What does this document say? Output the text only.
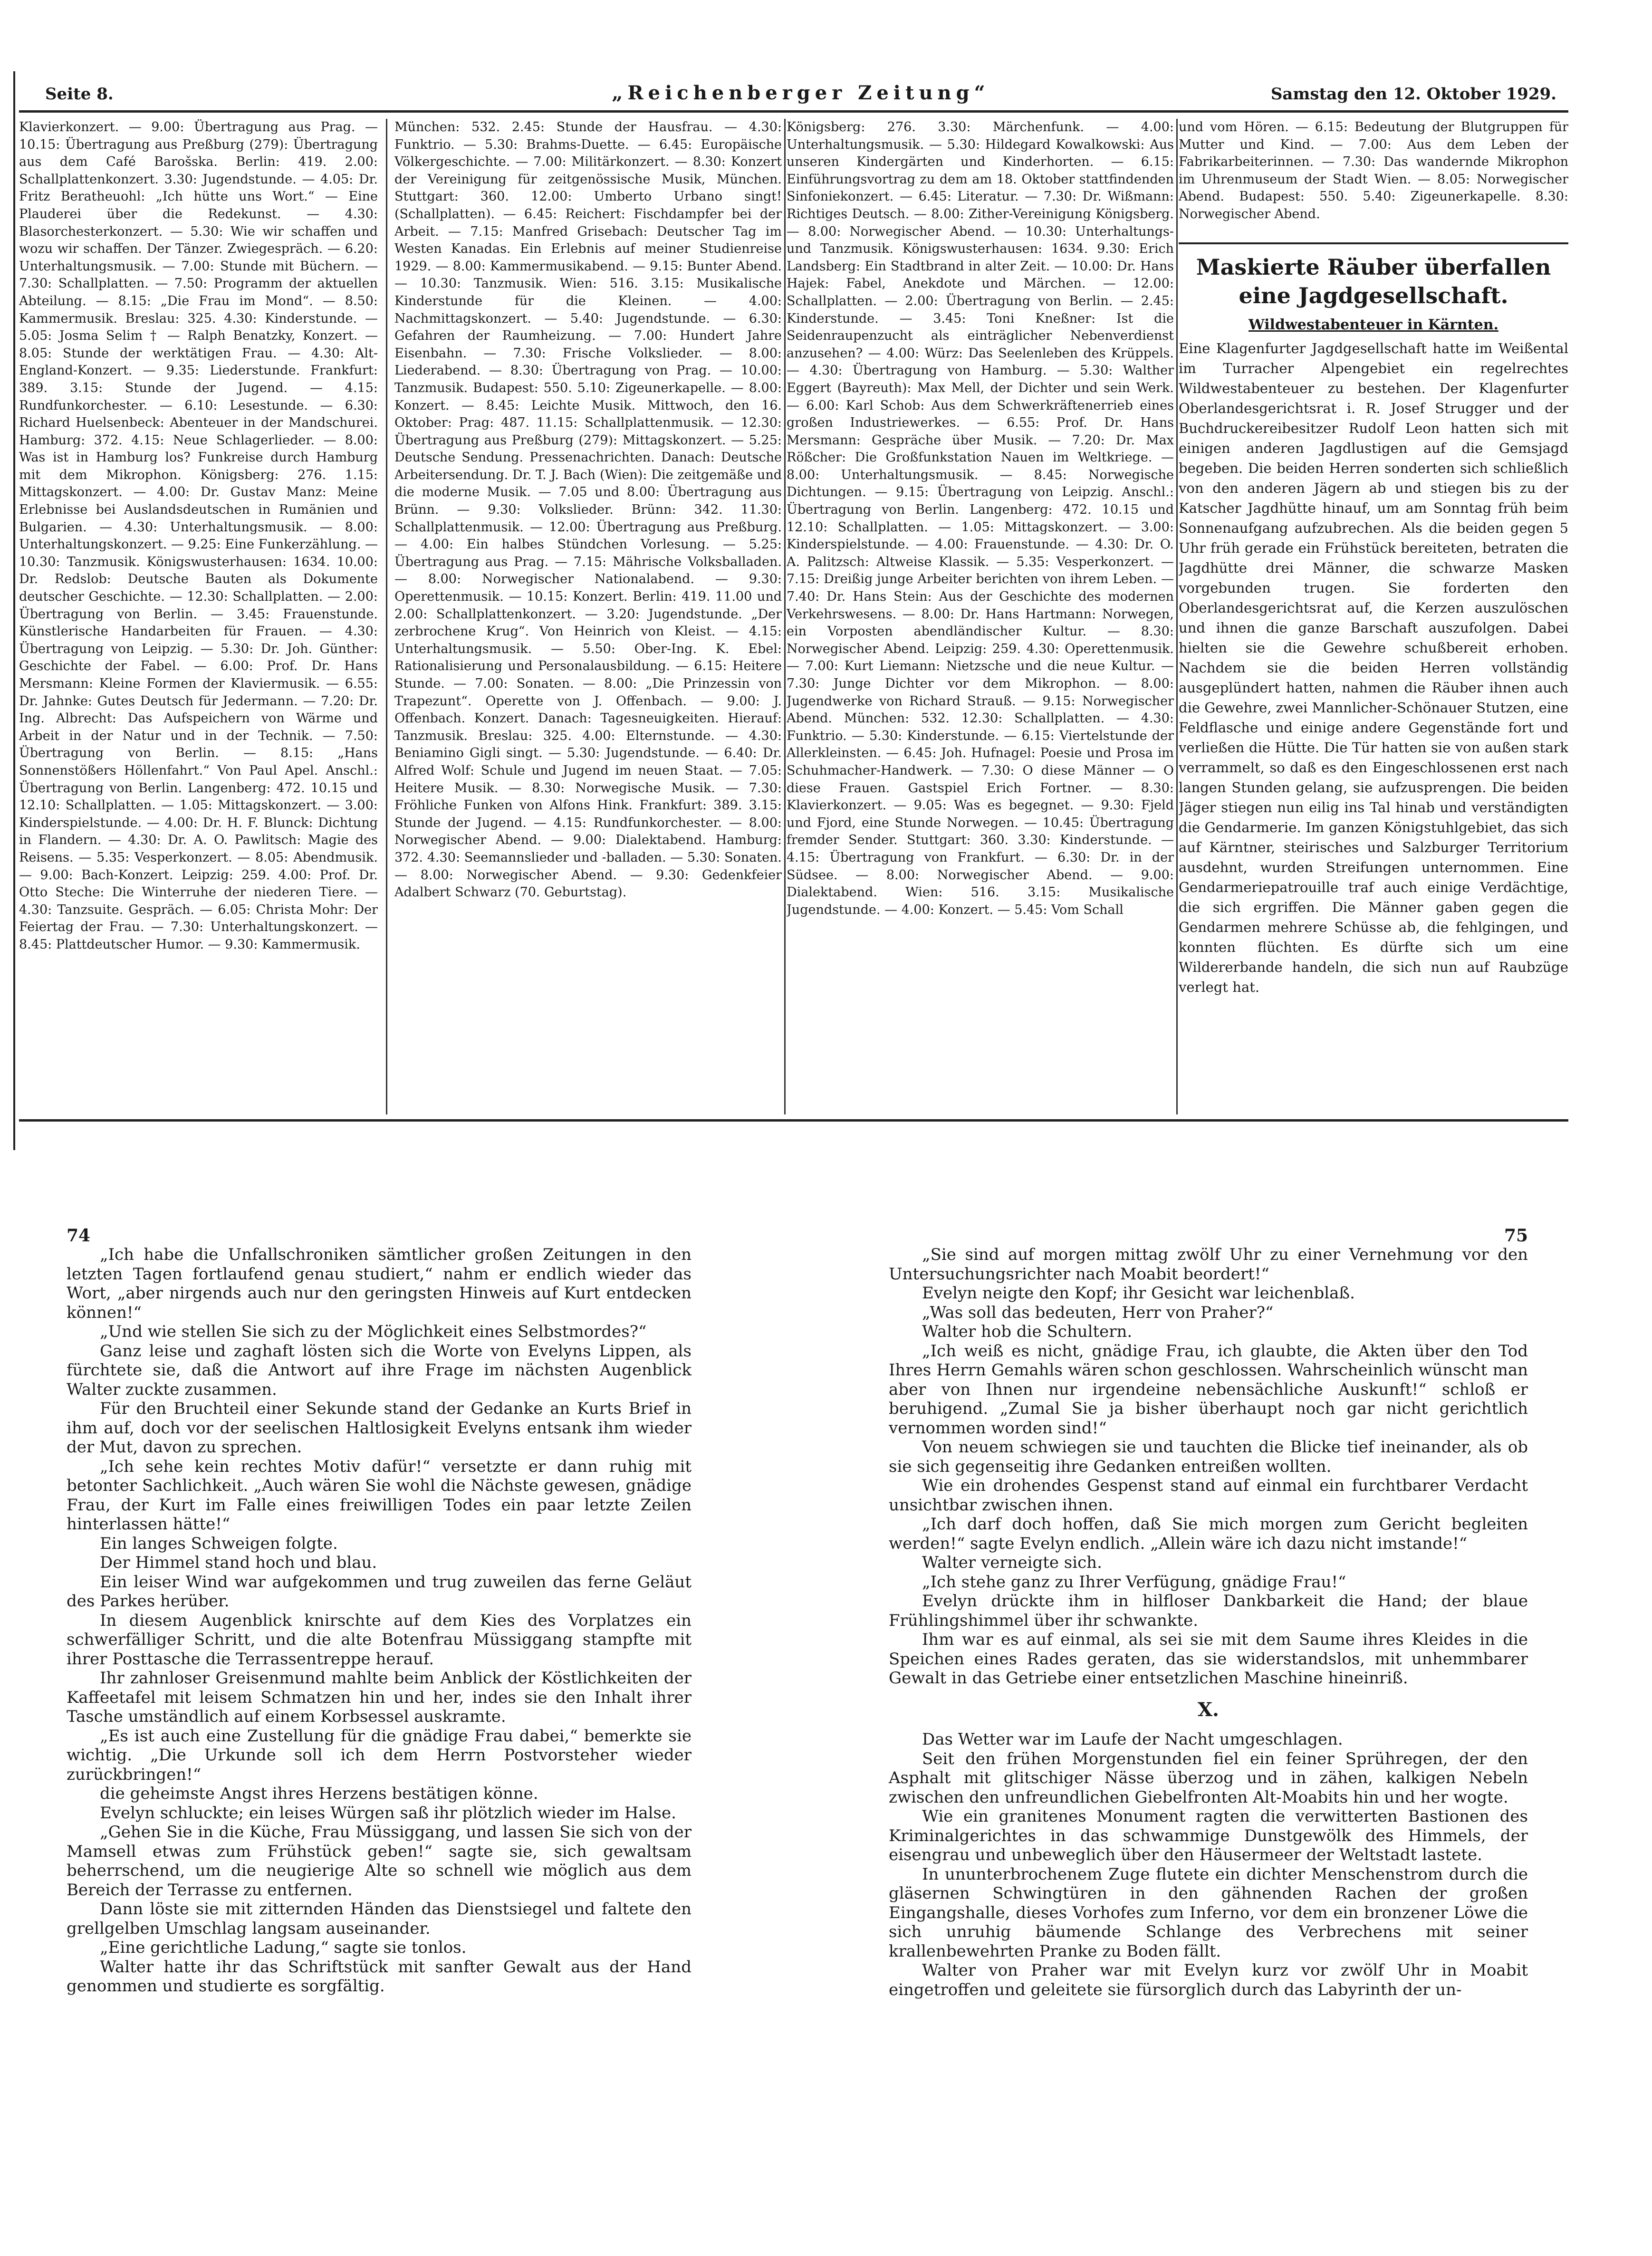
Seite 8.	„Reichenberger Zeitung“	Samstag den 12. Oktober 1929.

Klavierkonzert. — 9.00: Übertragung aus Prag. — 10.15: Übertragung aus Preßburg (279): Übertragung aus dem Café Barošska. Berlin: 419. 2.00: Schallplattenkonzert. 3.30: Jugendstunde. — 4.05: Dr. Fritz Beratheuohl: „Ich hütte uns Wort.“ — Eine Plauderei über die Redekunst. — 4.30: Blasorchesterkonzert. — 5.30: Wie wir schaffen und wozu wir schaffen. Der Tänzer. Zwiegespräch. — 6.20: Unterhaltungsmusik. — 7.00: Stunde mit Büchern. — 7.30: Schallplatten. — 7.50: Programm der aktuellen Abteilung. — 8.15: „Die Frau im Mond“. — 8.50: Kammermusik. Breslau: 325. 4.30: Kinderstunde. — 5.05: Josma Selim † — Ralph Benatzky, Konzert. — 8.05: Stunde der werktätigen Frau. — 4.30: Alt-England-Konzert. — 9.35: Liederstunde. Frankfurt: 389. 3.15: Stunde der Jugend. — 4.15: Rundfunkorchester. — 6.10: Lesestunde. — 6.30: Richard Huelsenbeck: Abenteuer in der Mandschurei. Hamburg: 372. 4.15: Neue Schlagerlieder. — 8.00: Was ist in Hamburg los? Funkreise durch Hamburg mit dem Mikrophon. Königsberg: 276. 1.15: Mittagskonzert. — 4.00: Dr. Gustav Manz: Meine Erlebnisse bei Auslandsdeutschen in Rumänien und Bulgarien. — 4.30: Unterhaltungsmusik. — 8.00: Unterhaltungskonzert. — 9.25: Eine Funkerzählung. — 10.30: Tanzmusik. Königswusterhausen: 1634. 10.00: Dr. Redslob: Deutsche Bauten als Dokumente deutscher Geschichte. — 12.30: Schallplatten. — 2.00: Übertragung von Berlin. — 3.45: Frauenstunde. Künstlerische Handarbeiten für Frauen. — 4.30: Übertragung von Leipzig. — 5.30: Dr. Joh. Günther: Geschichte der Fabel. — 6.00: Prof. Dr. Hans Mersmann: Kleine Formen der Klaviermusik. — 6.55: Dr. Jahnke: Gutes Deutsch für Jedermann. — 7.20: Dr. Ing. Albrecht: Das Aufspeichern von Wärme und Arbeit in der Natur und in der Technik. — 7.50: Übertragung von Berlin. — 8.15: „Hans Sonnenstößers Höllenfahrt.“ Von Paul Apel. Anschl.: Übertragung von Berlin. Langenberg: 472. 10.15 und 12.10: Schallplatten. — 1.05: Mittagskonzert. — 3.00: Kinderspielstunde. — 4.00: Dr. H. F. Blunck: Dichtung in Flandern. — 4.30: Dr. A. O. Pawlitsch: Magie des Reisens. — 5.35: Vesperkonzert. — 8.05: Abendmusik. — 9.00: Bach-Konzert. Leipzig: 259. 4.00: Prof. Dr. Otto Steche: Die Winterruhe der niederen Tiere. — 4.30: Tanzsuite. Gespräch. — 6.05: Christa Mohr: Der Feiertag der Frau. — 7.30: Unterhaltungskonzert. — 8.45: Plattdeutscher Humor. — 9.30: Kammermusik.

München: 532. 2.45: Stunde der Hausfrau. — 4.30: Funktrio. — 5.30: Brahms-Duette. — 6.45: Europäische Völkergeschichte. — 7.00: Militärkonzert. — 8.30: Konzert der Vereinigung für zeitgenössische Musik, München. Stuttgart: 360. 12.00: Umberto Urbano singt! (Schallplatten). — 6.45: Reichert: Fischdampfer bei der Arbeit. — 7.15: Manfred Grisebach: Deutscher Tag im Westen Kanadas. Ein Erlebnis auf meiner Studienreise 1929. — 8.00: Kammermusikabend. — 9.15: Bunter Abend. — 10.30: Tanzmusik. Wien: 516. 3.15: Musikalische Kinderstunde für die Kleinen. — 4.00: Nachmittagskonzert. — 5.40: Jugendstunde. — 6.30: Gefahren der Raumheizung. — 7.00: Hundert Jahre Eisenbahn. — 7.30: Frische Volkslieder. — 8.00: Liederabend. — 8.30: Übertragung von Prag. — 10.00: Tanzmusik. Budapest: 550. 5.10: Zigeunerkapelle. — 8.00: Konzert. — 8.45: Leichte Musik. Mittwoch, den 16. Oktober: Prag: 487. 11.15: Schallplattenmusik. — 12.30: Übertragung aus Preßburg (279): Mittagskonzert. — 5.25: Deutsche Sendung. Pressenachrichten. Danach: Deutsche Arbeitersendung. Dr. T. J. Bach (Wien): Die zeitgemäße und die moderne Musik. — 7.05 und 8.00: Übertragung aus Brünn. — 9.30: Volkslieder. Brünn: 342. 11.30: Schallplattenmusik. — 12.00: Übertragung aus Preßburg. — 4.00: Ein halbes Stündchen Vorlesung. — 5.25: Übertragung aus Prag. — 7.15: Mährische Volksballaden. — 8.00: Norwegischer Nationalabend. — 9.30: Operettenmusik. — 10.15: Konzert. Berlin: 419. 11.00 und 2.00: Schallplattenkonzert. — 3.20: Jugendstunde. „Der zerbrochene Krug“. Von Heinrich von Kleist. — 4.15: Unterhaltungsmusik. — 5.50: Ober-Ing. K. Ebel: Rationalisierung und Personalausbildung. — 6.15: Heitere Stunde. — 7.00: Sonaten. — 8.00: „Die Prinzessin von Trapezunt“. Operette von J. Offenbach. — 9.00: J. Offenbach. Konzert. Danach: Tagesneuigkeiten. Hierauf: Tanzmusik. Breslau: 325. 4.00: Elternstunde. — 4.30: Beniamino Gigli singt. — 5.30: Jugendstunde. — 6.40: Dr. Alfred Wolf: Schule und Jugend im neuen Staat. — 7.05: Heitere Musik. — 8.30: Norwegische Musik. — 7.30: Fröhliche Funken von Alfons Hink. Frankfurt: 389. 3.15: Stunde der Jugend. — 4.15: Rundfunkorchester. — 8.00: Norwegischer Abend. — 9.00: Dialektabend. Hamburg: 372. 4.30: Seemannslieder und -balladen. — 5.30: Sonaten. — 8.00: Norwegischer Abend. — 9.30: Gedenkfeier Adalbert Schwarz (70. Geburtstag).

Königsberg: 276. 3.30: Märchenfunk. — 4.00: Unterhaltungsmusik. — 5.30: Hildegard Kowalkowski: Aus unseren Kindergärten und Kinderhorten. — 6.15: Einführungsvortrag zu dem am 18. Oktober stattfindenden Sinfoniekonzert. — 6.45: Literatur. — 7.30: Dr. Wißmann: Richtiges Deutsch. — 8.00: Zither-Vereinigung Königsberg. — 8.00: Norwegischer Abend. — 10.30: Unterhaltungs- und Tanzmusik. Königswusterhausen: 1634. 9.30: Erich Landsberg: Ein Stadtbrand in alter Zeit. — 10.00: Dr. Hans Hajek: Fabel, Anekdote und Märchen. — 12.00: Schallplatten. — 2.00: Übertragung von Berlin. — 2.45: Kinderstunde. — 3.45: Toni Kneßner: Ist die Seidenraupenzucht als einträglicher Nebenverdienst anzusehen? — 4.00: Würz: Das Seelenleben des Krüppels. — 4.30: Übertragung von Hamburg. — 5.30: Walther Eggert (Bayreuth): Max Mell, der Dichter und sein Werk. — 6.00: Karl Schob: Aus dem Schwerkräftenerrieb eines großen Industriewerkes. — 6.55: Prof. Dr. Hans Mersmann: Gespräche über Musik. — 7.20: Dr. Max Rößcher: Die Großfunkstation Nauen im Weltkriege. — 8.00: Unterhaltungsmusik. — 8.45: Norwegische Dichtungen. — 9.15: Übertragung von Leipzig. Anschl.: Übertragung von Berlin. Langenberg: 472. 10.15 und 12.10: Schallplatten. — 1.05: Mittagskonzert. — 3.00: Kinderspielstunde. — 4.00: Frauenstunde. — 4.30: Dr. O. A. Palitzsch: Altweise Klassik. — 5.35: Vesperkonzert. — 7.15: Dreißig junge Arbeiter berichten von ihrem Leben. — 7.40: Dr. Hans Stein: Aus der Geschichte des modernen Verkehrswesens. — 8.00: Dr. Hans Hartmann: Norwegen, ein Vorposten abendländischer Kultur. — 8.30: Norwegischer Abend. Leipzig: 259. 4.30: Operettenmusik. — 7.00: Kurt Liemann: Nietzsche und die neue Kultur. — 7.30: Junge Dichter vor dem Mikrophon. — 8.00: Jugendwerke von Richard Strauß. — 9.15: Norwegischer Abend. München: 532. 12.30: Schallplatten. — 4.30: Funktrio. — 5.30: Kinderstunde. — 6.15: Viertelstunde der Allerkleinsten. — 6.45: Joh. Hufnagel: Poesie und Prosa im Schuhmacher-Handwerk. — 7.30: O diese Männer — O diese Frauen. Gastspiel Erich Fortner. — 8.30: Klavierkonzert. — 9.05: Was es begegnet. — 9.30: Fjeld und Fjord, eine Stunde Norwegen. — 10.45: Übertragung fremder Sender. Stuttgart: 360. 3.30: Kinderstunde. — 4.15: Übertragung von Frankfurt. — 6.30: Dr. in der Südsee. — 8.00: Norwegischer Abend. — 9.00: Dialektabend. Wien: 516. 3.15: Musikalische Jugendstunde. — 4.00: Konzert. — 5.45: Vom Schall

und vom Hören. — 6.15: Bedeutung der Blutgruppen für Mutter und Kind. — 7.00: Aus dem Leben der Fabrikarbeiterinnen. — 7.30: Das wandernde Mikrophon im Uhrenmuseum der Stadt Wien. — 8.05: Norwegischer Abend. Budapest: 550. 5.40: Zigeunerkapelle. 8.30: Norwegischer Abend.

Maskierte Räuber überfallen eine Jagdgesellschaft.
Wildwestabenteuer in Kärnten.
Eine Klagenfurter Jagdgesellschaft hatte im Weißental im Turracher Alpengebiet ein regelrechtes Wildwestabenteuer zu bestehen. Der Klagenfurter Oberlandesgerichtsrat i. R. Josef Strugger und der Buchdruckereibesitzer Rudolf Leon hatten sich mit einigen anderen Jagdlustigen auf die Gemsjagd begeben. Die beiden Herren sonderten sich schließlich von den anderen Jägern ab und stiegen bis zu der Katscher Jagdhütte hinauf, um am Sonntag früh beim Sonnenaufgang aufzubrechen. Als die beiden gegen 5 Uhr früh gerade ein Frühstück bereiteten, betraten die Jagdhütte drei Männer, die schwarze Masken vorgebunden trugen. Sie forderten den Oberlandesgerichtsrat auf, die Kerzen auszulöschen und ihnen die ganze Barschaft auszufolgen. Dabei hielten sie die Gewehre schußbereit erhoben. Nachdem sie die beiden Herren vollständig ausgeplündert hatten, nahmen die Räuber ihnen auch die Gewehre, zwei Mannlicher-Schönauer Stutzen, eine Feldflasche und einige andere Gegenstände fort und verließen die Hütte. Die Tür hatten sie von außen stark verrammelt, so daß es den Eingeschlossenen erst nach langen Stunden gelang, sie aufzusprengen. Die beiden Jäger stiegen nun eilig ins Tal hinab und verständigten die Gendarmerie. Im ganzen Königstuhlgebiet, das sich auf Kärntner, steirisches und Salzburger Territorium ausdehnt, wurden Streifungen unternommen. Eine Gendarmeriepatrouille traf auch einige Verdächtige, die sich ergriffen. Die Männer gaben gegen die Gendarmen mehrere Schüsse ab, die fehlgingen, und konnten flüchten. Es dürfte sich um eine Wildererbande handeln, die sich nun auf Raubzüge verlegt hat.
74

„Ich habe die Unfallschroniken sämtlicher großen Zeitungen in den letzten Tagen fortlaufend genau studiert,“ nahm er endlich wieder das Wort, „aber nirgends auch nur den geringsten Hinweis auf Kurt entdecken können!“

„Und wie stellen Sie sich zu der Möglichkeit eines Selbstmordes?“

Ganz leise und zaghaft lösten sich die Worte von Evelyns Lippen, als fürchtete sie, daß die Antwort auf ihre Frage im nächsten Augenblick Walter zuckte zusammen.

Für den Bruchteil einer Sekunde stand der Gedanke an Kurts Brief in ihm auf, doch vor der seelischen Haltlosigkeit Evelyns entsank ihm wieder der Mut, davon zu sprechen.

„Ich sehe kein rechtes Motiv dafür!“ versetzte er dann ruhig mit betonter Sachlichkeit. „Auch wären Sie wohl die Nächste gewesen, gnädige Frau, der Kurt im Falle eines freiwilligen Todes ein paar letzte Zeilen hinterlassen hätte!“

Ein langes Schweigen folgte.

Der Himmel stand hoch und blau.

Ein leiser Wind war aufgekommen und trug zuweilen das ferne Geläut des Parkes herüber.

In diesem Augenblick knirschte auf dem Kies des Vorplatzes ein schwerfälliger Schritt, und die alte Botenfrau Müssiggang stampfte mit ihrer Posttasche die Terrassentreppe herauf.

Ihr zahnloser Greisenmund mahlte beim Anblick der Köstlichkeiten der Kaffeetafel mit leisem Schmatzen hin und her, indes sie den Inhalt ihrer Tasche umständlich auf einem Korbsessel auskramte.

„Es ist auch eine Zustellung für die gnädige Frau dabei,“ bemerkte sie wichtig. „Die Urkunde soll ich dem Herrn Postvorsteher wieder zurückbringen!“

die geheimste Angst ihres Herzens bestätigen könne.

Evelyn schluckte; ein leises Würgen saß ihr plötzlich wieder im Halse.

„Gehen Sie in die Küche, Frau Müssiggang, und lassen Sie sich von der Mamsell etwas zum Frühstück geben!“ sagte sie, sich gewaltsam beherrschend, um die neugierige Alte so schnell wie möglich aus dem Bereich der Terrasse zu entfernen.

Dann löste sie mit zitternden Händen das Dienstsiegel und faltete den grellgelben Umschlag langsam auseinander.

„Eine gerichtliche Ladung,“ sagte sie tonlos.

Walter hatte ihr das Schriftstück mit sanfter Gewalt aus der Hand genommen und studierte es sorgfältig.

75

„Sie sind auf morgen mittag zwölf Uhr zu einer Vernehmung vor den Untersuchungsrichter nach Moabit beordert!“

Evelyn neigte den Kopf; ihr Gesicht war leichenblaß.

„Was soll das bedeuten, Herr von Praher?“

Walter hob die Schultern.

„Ich weiß es nicht, gnädige Frau, ich glaubte, die Akten über den Tod Ihres Herrn Gemahls wären schon geschlossen. Wahrscheinlich wünscht man aber von Ihnen nur irgendeine nebensächliche Auskunft!“ schloß er beruhigend. „Zumal Sie ja bisher überhaupt noch gar nicht gerichtlich vernommen worden sind!“

Von neuem schwiegen sie und tauchten die Blicke tief ineinander, als ob sie sich gegenseitig ihre Gedanken entreißen wollten.

Wie ein drohendes Gespenst stand auf einmal ein furchtbarer Verdacht unsichtbar zwischen ihnen.

„Ich darf doch hoffen, daß Sie mich morgen zum Gericht begleiten werden!“ sagte Evelyn endlich. „Allein wäre ich dazu nicht imstande!“

Walter verneigte sich.

„Ich stehe ganz zu Ihrer Verfügung, gnädige Frau!“

Evelyn drückte ihm in hilfloser Dankbarkeit die Hand; der blaue Frühlingshimmel über ihr schwankte.

Ihm war es auf einmal, als sei sie mit dem Saume ihres Kleides in die Speichen eines Rades geraten, das sie widerstandslos, mit unhemmbarer Gewalt in das Getriebe einer entsetzlichen Maschine hineinriß.

X.

Das Wetter war im Laufe der Nacht umgeschlagen.

Seit den frühen Morgenstunden fiel ein feiner Sprühregen, der den Asphalt mit glitschiger Nässe überzog und in zähen, kalkigen Nebeln zwischen den unfreundlichen Giebelfronten Alt-Moabits hin und her wogte.

Wie ein granitenes Monument ragten die verwitterten Bastionen des Kriminalgerichtes in das schwammige Dunstgewölk des Himmels, der eisengrau und unbeweglich über den Häusermeer der Weltstadt lastete.

In ununterbrochenem Zuge flutete ein dichter Menschenstrom durch die gläsernen Schwingtüren in den gähnenden Rachen der großen Eingangshalle, dieses Vorhofes zum Inferno, vor dem ein bronzener Löwe die sich unruhig bäumende Schlange des Verbrechens mit seiner krallenbewehrten Pranke zu Boden fällt.

Walter von Praher war mit Evelyn kurz vor zwölf Uhr in Moabit eingetroffen und geleitete sie fürsorglich durch das Labyrinth der un-
